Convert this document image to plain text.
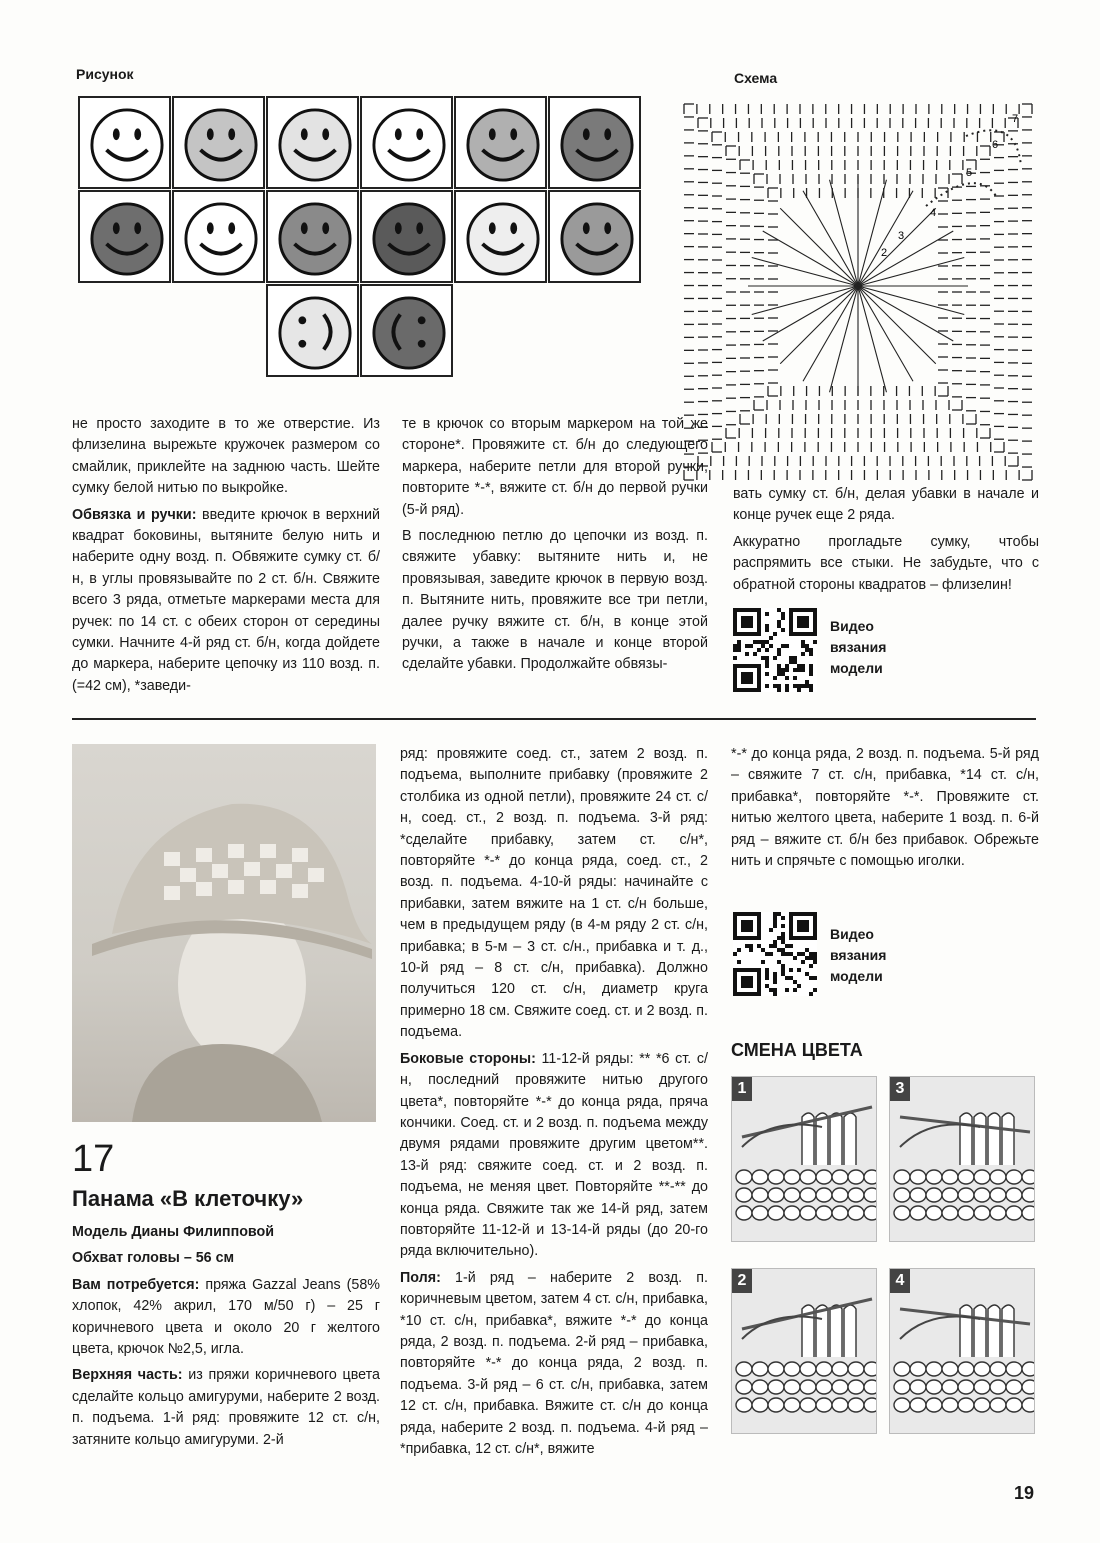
Рисунок	Схема
2
3
4
5
6
7

не просто заходите в то же отверстие. Из флизелина вырежьте кружочек размером со смайлик, приклейте на заднюю часть. Шейте сумку белой нитью по выкройке.

Обвязка и ручки: введите крючок в верхний квадрат боковины, вытяните белую нить и наберите одну возд. п. Обвяжите сумку ст. б/н, в углы провязывайте по 2 ст. б/н. Свяжите всего 3 ряда, отметьте маркерами места для ручек: по 14 ст. с обеих сторон от середины сумки. Начните 4-й ряд ст. б/н, когда дойдете до маркера, наберите цепочку из 110 возд. п. (=42 см), *заведи-

те в крючок со вторым маркером на той же стороне*. Провяжите ст. б/н до следующего маркера, наберите петли для второй ручки, повторите *-*, вяжите ст. б/н до первой ручки (5-й ряд).

В последнюю петлю до цепочки из возд. п. свяжите убавку: вытяните нить и, не провязывая, заведите крючок в первую возд. п. Вытяните нить, провяжите все три петли, далее ручку вяжите ст. б/н, в конце этой ручки, а также в начале и конце второй сделайте убавки. Продолжайте обвязы-

вать сумку ст. б/н, делая убавки в начале и конце ручек еще 2 ряда.

Аккуратно прогладьте сумку, чтобы распрямить все стыки. Не забудьте, что с обратной стороны квадратов – флизелин!

Видео вязания модели
17
Панама «В клеточку»

Модель Дианы Филипповой

Обхват головы – 56 см

Вам потребуется: пряжа Gazzal Jeans (58% хлопок, 42% акрил, 170 м/50 г) – 25 г коричневого цвета и около 20 г желтого цвета, крючок №2,5, игла.

Верхняя часть: из пряжи коричневого цвета сделайте кольцо амигуруми, наберите 2 возд. п. подъема. 1-й ряд: провяжите 12 ст. с/н, затяните кольцо амигуруми. 2-й

ряд: провяжите соед. ст., затем 2 возд. п. подъема, выполните прибавку (провяжите 2 столбика из одной петли), провяжите 24 ст. с/н, соед. ст., 2 возд. п. подъема. 3-й ряд: *сделайте прибавку, затем ст. с/н*, повторяйте *-* до конца ряда, соед. ст., 2 возд. п. подъема. 4-10-й ряды: начинайте с прибавки, затем вяжите на 1 ст. с/н больше, чем в предыдущем ряду (в 4-м ряду 2 ст. с/н, прибавка; в 5-м – 3 ст. с/н., прибавка и т. д., 10-й ряд – 8 ст. с/н, прибавка). Должно получиться 120 ст. с/н, диаметр круга примерно 18 см. Свяжите соед. ст. и 2 возд. п. подъема.

Боковые стороны: 11-12-й ряды: ** *6 ст. с/н, последний провяжите нитью другого цвета*, повторяйте *-* до конца ряда, пряча кончики. Соед. ст. и 2 возд. п. подъема между двумя рядами провяжите другим цветом**. 13-й ряд: свяжите соед. ст. и 2 возд. п. подъема, не меняя цвет. Повторяйте **-** до конца ряда. Свяжите так же 14-й ряд, затем повторяйте 11-12-й и 13-14-й ряды (до 20-го ряда включительно).

Поля: 1-й ряд – наберите 2 возд. п. коричневым цветом, затем 4 ст. с/н, прибавка, *10 ст. с/н, прибавка*, вяжите *-* до конца ряда, 2 возд. п. подъема. 2-й ряд – прибавка, повторяйте *-* до конца ряда, 2 возд. п. подъема. 3-й ряд – 6 ст. с/н, прибавка, затем 12 ст. с/н, прибавка. Вяжите ст. с/н до конца ряда, наберите 2 возд. п. подъема. 4-й ряд – *прибавка, 12 ст. с/н*, вяжите

*-* до конца ряда, 2 возд. п. подъема. 5-й ряд – свяжите 7 ст. с/н, прибавка, *14 ст. с/н, прибавка*, повторяйте *-*. Провяжите ст. нитью желтого цвета, наберите 1 возд. п. 6-й ряд – вяжите ст. б/н без прибавок. Обрежьте нить и спрячьте с помощью иголки.

Видео вязания модели
СМЕНА ЦВЕТА
1	3
2	4
19
